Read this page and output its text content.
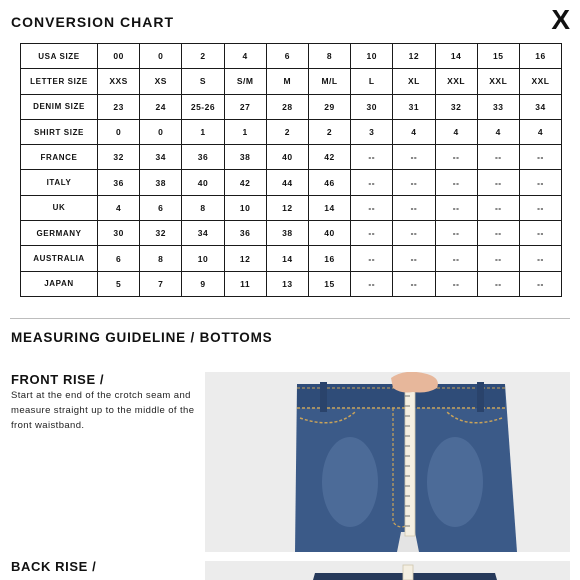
CONVERSION CHART	X
USA SIZE	00	0	2	4	6	8	10	12	14	15	16
LETTER SIZE	XXS	XS	S	S/M	M	M/L	L	XL	XXL	XXL	XXL
DENIM SIZE	23	24	25-26	27	28	29	30	31	32	33	34
SHIRT SIZE	0	0	1	1	2	2	3	4	4	4	4
FRANCE	32	34	36	38	40	42	--	--	--	--	--
ITALY	36	38	40	42	44	46	--	--	--	--	--
UK	4	6	8	10	12	14	--	--	--	--	--
GERMANY	30	32	34	36	38	40	--	--	--	--	--
AUSTRALIA	6	8	10	12	14	16	--	--	--	--	--
JAPAN	5	7	9	11	13	15	--	--	--	--	--
MEASURING GUIDELINE / BOTTOMS
FRONT RISE /
Start at the end of the crotch seam and measure straight up to the middle of the front waistband.
BACK RISE /
